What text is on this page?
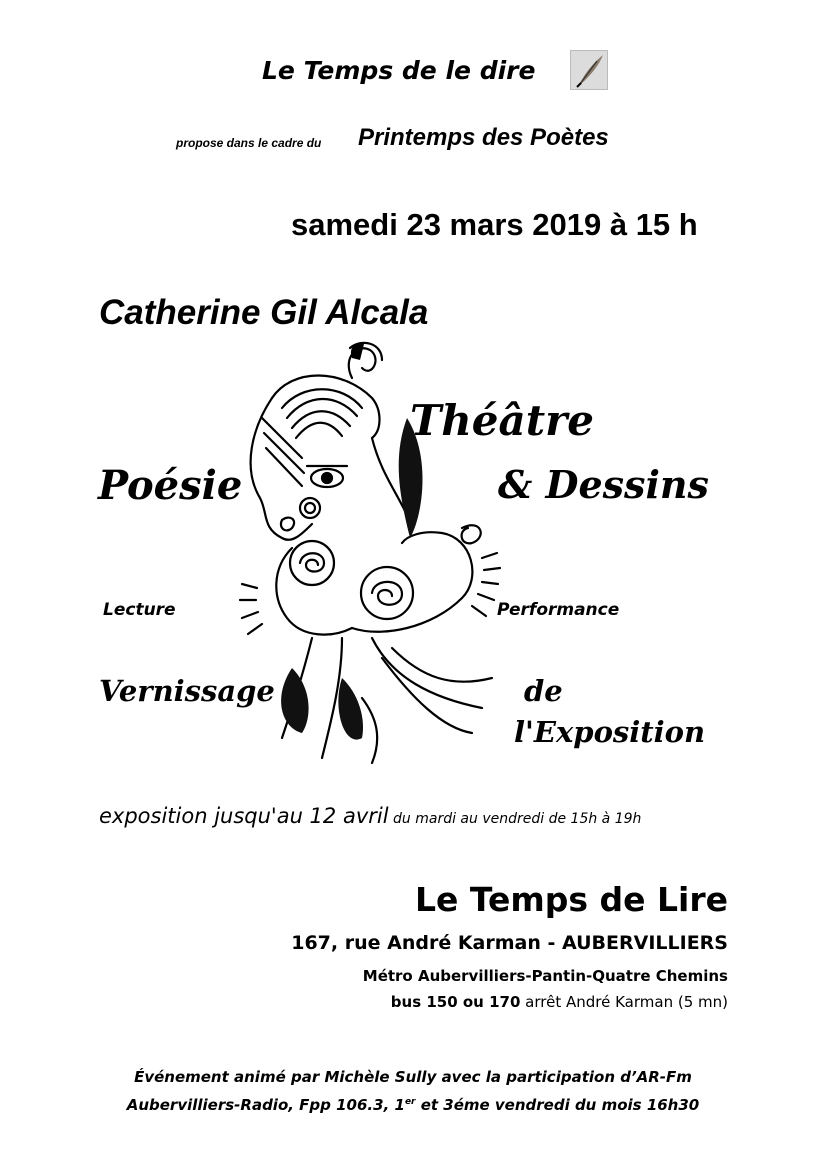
Le Temps de le dire
propose dans le cadre du Printemps des Poètes
samedi 23 mars 2019 à 15 h
Catherine Gil Alcala
Théâtre
Poésie	& Dessins
Lecture	Performance
Vernissage	de
l'Exposition
exposition jusqu'au 12 avril du mardi au vendredi de 15h à 19h
Le Temps de Lire
167, rue André Karman - AUBERVILLIERS
Métro Aubervilliers-Pantin-Quatre Chemins
bus 150 ou 170 arrêt André Karman (5 mn)
Événement animé par Michèle Sully avec la participation d’AR-Fm
Aubervilliers-Radio, Fpp 106.3, 1er et 3éme vendredi du mois 16h30
